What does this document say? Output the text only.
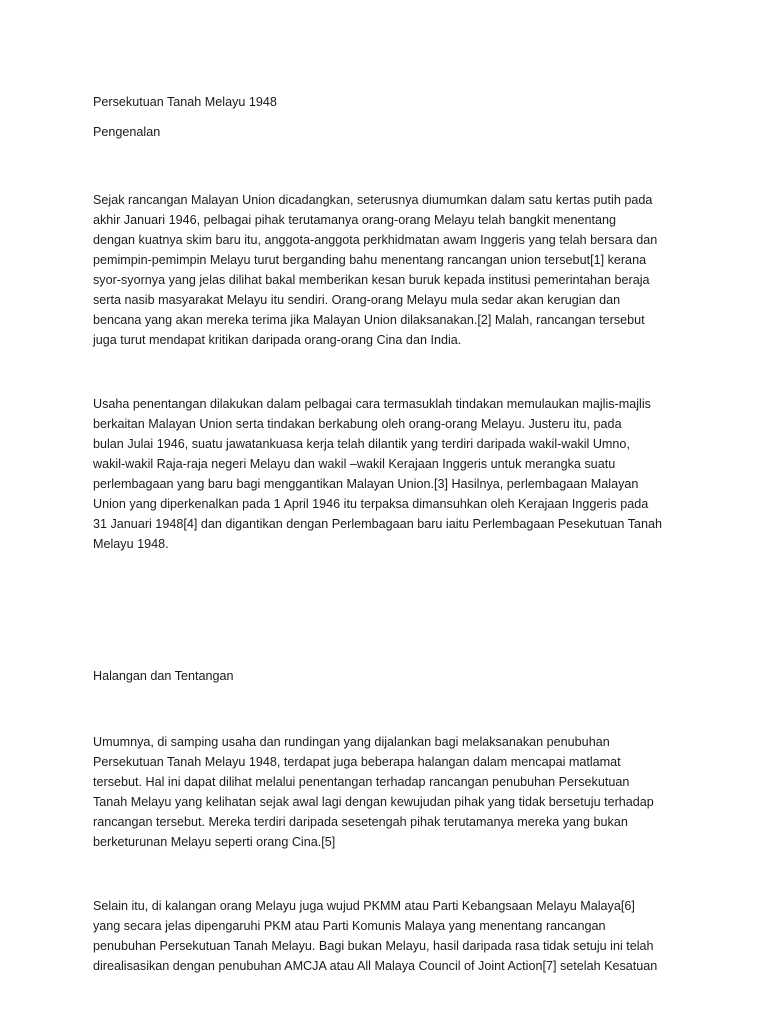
Persekutuan Tanah Melayu 1948

Pengenalan

Sejak rancangan Malayan Union dicadangkan, seterusnya diumumkan dalam satu kertas putih pada

akhir Januari 1946, pelbagai pihak terutamanya orang-orang Melayu telah bangkit menentang

dengan kuatnya skim baru itu, anggota-anggota perkhidmatan awam Inggeris yang telah bersara dan

pemimpin-pemimpin Melayu turut berganding bahu menentang rancangan union tersebut[1] kerana

syor-syornya yang jelas dilihat bakal memberikan kesan buruk kepada institusi pemerintahan beraja

serta nasib masyarakat Melayu itu sendiri. Orang-orang Melayu mula sedar akan kerugian dan

bencana yang akan mereka terima jika Malayan Union dilaksanakan.[2] Malah, rancangan tersebut

juga turut mendapat kritikan daripada orang-orang Cina dan India.

Usaha penentangan dilakukan dalam pelbagai cara termasuklah tindakan memulaukan majlis-majlis

berkaitan Malayan Union serta tindakan berkabung oleh orang-orang Melayu. Justeru itu, pada

bulan Julai 1946, suatu jawatankuasa kerja telah dilantik yang terdiri daripada wakil-wakil Umno,

wakil-wakil Raja-raja negeri Melayu dan wakil –wakil Kerajaan Inggeris untuk merangka suatu

perlembagaan yang baru bagi menggantikan Malayan Union.[3] Hasilnya, perlembagaan Malayan

Union yang diperkenalkan pada 1 April 1946 itu terpaksa dimansuhkan oleh Kerajaan Inggeris pada

31 Januari 1948[4] dan digantikan dengan Perlembagaan baru iaitu Perlembagaan Pesekutuan Tanah

Melayu 1948.

Halangan dan Tentangan

Umumnya, di samping usaha dan rundingan yang dijalankan bagi melaksanakan penubuhan

Persekutuan Tanah Melayu 1948, terdapat juga beberapa halangan dalam mencapai matlamat

tersebut. Hal ini dapat dilihat melalui penentangan terhadap rancangan penubuhan Persekutuan

Tanah Melayu yang kelihatan sejak awal lagi dengan kewujudan pihak yang tidak bersetuju terhadap

rancangan tersebut. Mereka terdiri daripada sesetengah pihak terutamanya mereka yang bukan

berketurunan Melayu seperti orang Cina.[5]

Selain itu, di kalangan orang Melayu juga wujud PKMM atau Parti Kebangsaan Melayu Malaya[6]

yang secara jelas dipengaruhi PKM atau Parti Komunis Malaya yang menentang rancangan

penubuhan Persekutuan Tanah Melayu. Bagi bukan Melayu, hasil daripada rasa tidak setuju ini telah

direalisasikan dengan penubuhan AMCJA atau All Malaya Council of Joint Action[7] setelah Kesatuan
